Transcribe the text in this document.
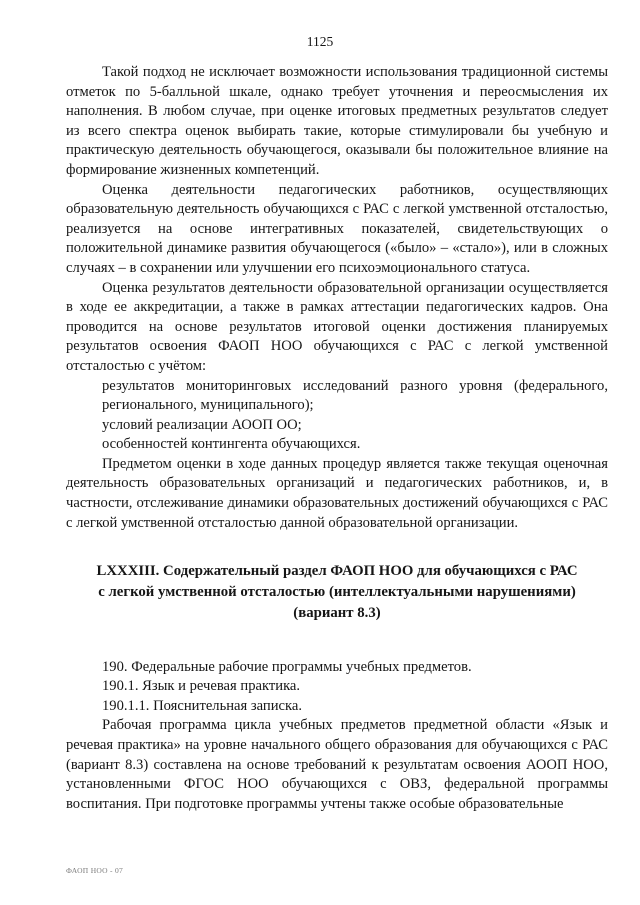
1125

Такой подход не исключает возможности использования традиционной системы отметок по 5-балльной шкале, однако требует уточнения и переосмысления их наполнения. В любом случае, при оценке итоговых предметных результатов следует из всего спектра оценок выбирать такие, которые стимулировали бы учебную и практическую деятельность обучающегося, оказывали бы положительное влияние на формирование жизненных компетенций.

Оценка деятельности педагогических работников, осуществляющих образовательную деятельность обучающихся с РАС с легкой умственной отсталостью, реализуется на основе интегративных показателей, свидетельствующих о положительной динамике развития обучающегося («было» – «стало»), или в сложных случаях – в сохранении или улучшении его психоэмоционального статуса.

Оценка результатов деятельности образовательной организации осуществляется в ходе ее аккредитации, а также в рамках аттестации педагогических кадров. Она проводится на основе результатов итоговой оценки достижения планируемых результатов освоения ФАОП НОО обучающихся с РАС с легкой умственной отсталостью с учётом:

результатов мониторинговых исследований разного уровня (федерального, регионального, муниципального);

условий реализации АООП ОО;

особенностей контингента обучающихся.

Предметом оценки в ходе данных процедур является также текущая оценочная деятельность образовательных организаций и педагогических работников, и, в частности, отслеживание динамики образовательных достижений обучающихся с РАС с легкой умственной отсталостью данной образовательной организации.

LXXXIII. Содержательный раздел ФАОП НОО для обучающихся с РАС
с легкой умственной отсталостью (интеллектуальными нарушениями)
(вариант 8.3)

190. Федеральные рабочие программы учебных предметов.

190.1. Язык и речевая практика.

190.1.1. Пояснительная записка.

Рабочая программа цикла учебных предметов предметной области «Язык и речевая практика» на уровне начального общего образования для обучающихся с РАС (вариант 8.3) составлена на основе требований к результатам освоения АООП НОО, установленными ФГОС НОО обучающихся с ОВЗ, федеральной программы воспитания. При подготовке программы учтены также особые образовательные

ФАОП НОО - 07
